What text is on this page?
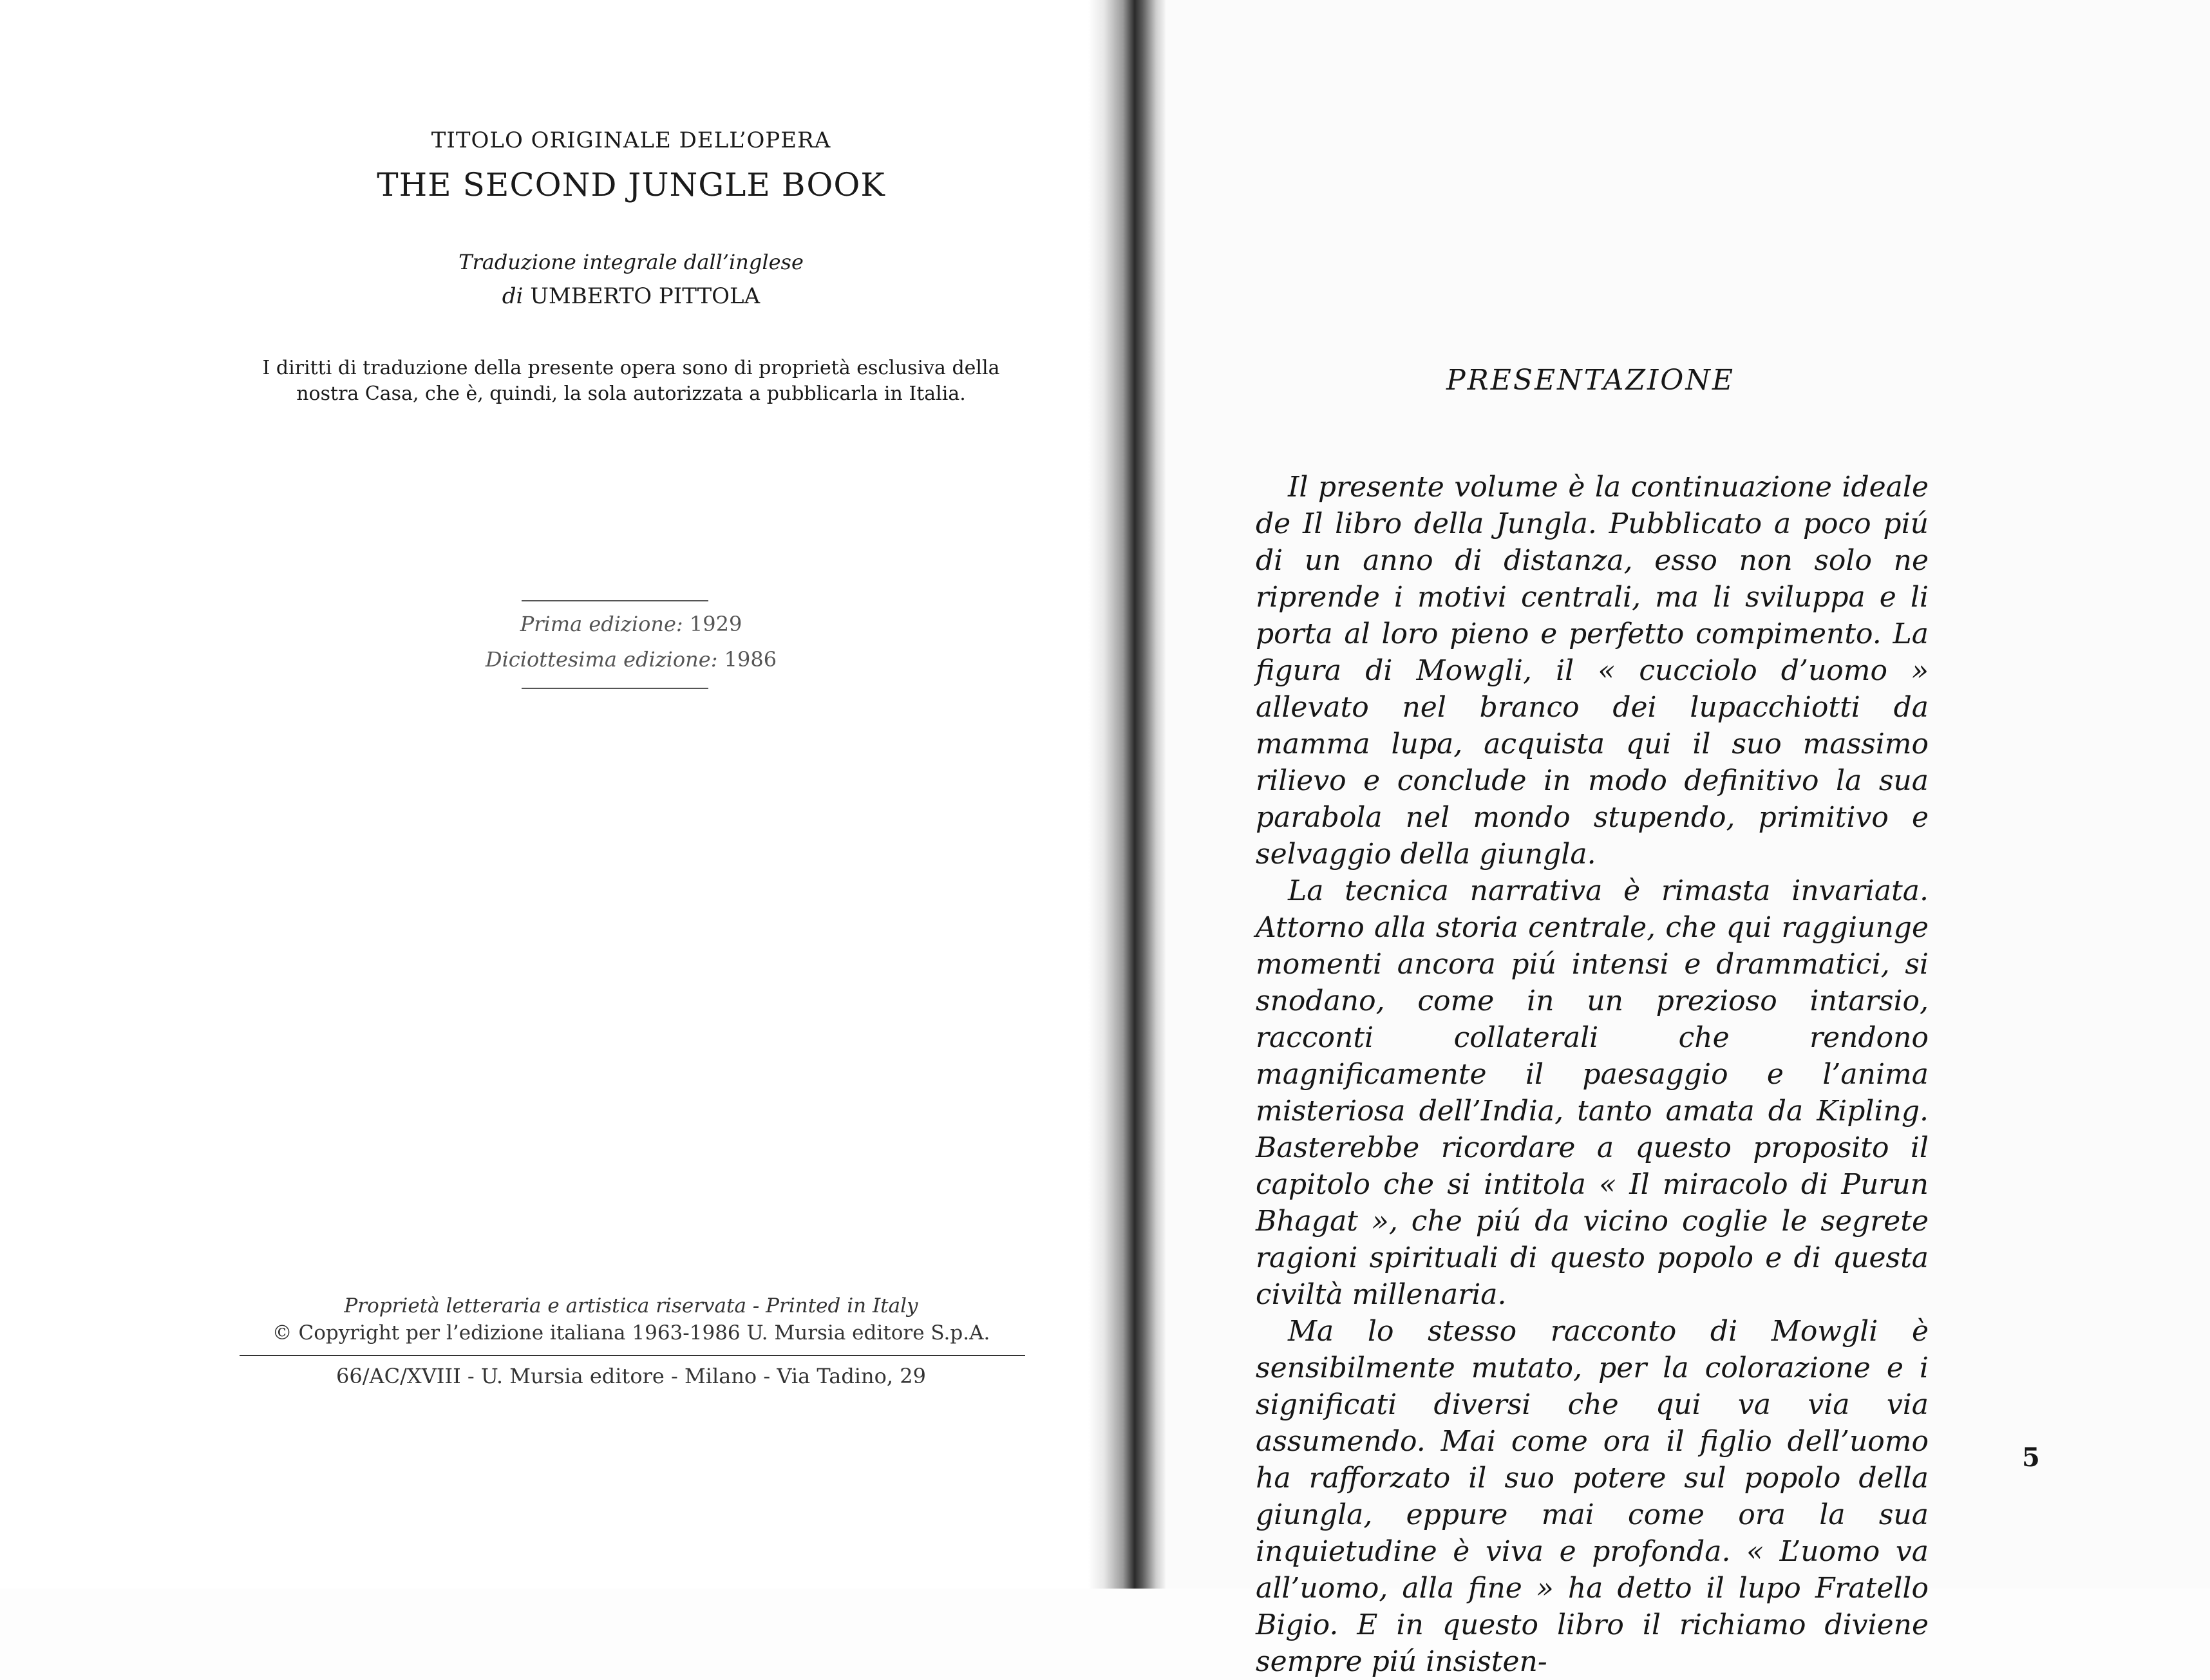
TITOLO ORIGINALE DELL’OPERA
THE SECOND JUNGLE BOOK
Traduzione integrale dall’inglese
di UMBERTO PITTOLA
I diritti di traduzione della presente opera sono di proprietà esclusiva della
nostra Casa, che è, quindi, la sola autorizzata a pubblicarla in Italia.
Prima edizione: 1929
Diciottesima edizione: 1986
Proprietà letteraria e artistica riservata - Printed in Italy
© Copyright per l’edizione italiana 1963-1986 U. Mursia editore S.p.A.
66/AC/XVIII - U. Mursia editore - Milano - Via Tadino, 29
PRESENTAZIONE

Il presente volume è la continuazione ideale de Il libro della Jungla. Pubblicato a poco piú di un anno di distanza, esso non solo ne riprende i motivi centrali, ma li sviluppa e li porta al loro pieno e perfetto compimento. La figura di Mowgli, il « cucciolo d’uomo » allevato nel branco dei lupacchiotti da mamma lupa, acquista qui il suo massimo rilievo e conclude in modo definitivo la sua parabola nel mondo stupendo, primitivo e selvaggio della giungla.

La tecnica narrativa è rimasta invariata. Attorno alla storia centrale, che qui raggiunge momenti ancora piú intensi e drammatici, si snodano, come in un prezioso intarsio, racconti collaterali che rendono magnificamente il paesaggio e l’anima misteriosa dell’India, tanto amata da Kipling. Basterebbe ricordare a questo proposito il capitolo che si intitola « Il miracolo di Purun Bhagat », che piú da vicino coglie le segrete ragioni spirituali di questo popolo e di questa civiltà millenaria.

Ma lo stesso racconto di Mowgli è sensibilmente mutato, per la colorazione e i significati diversi che qui va via via assumendo. Mai come ora il figlio dell’uomo ha rafforzato il suo potere sul popolo della giungla, eppure mai come ora la sua inquietudine è viva e profonda. « L’uomo va all’uomo, alla fine » ha detto il lupo Fratello Bigio. E in questo libro il richiamo diviene sempre piú insisten-

5
